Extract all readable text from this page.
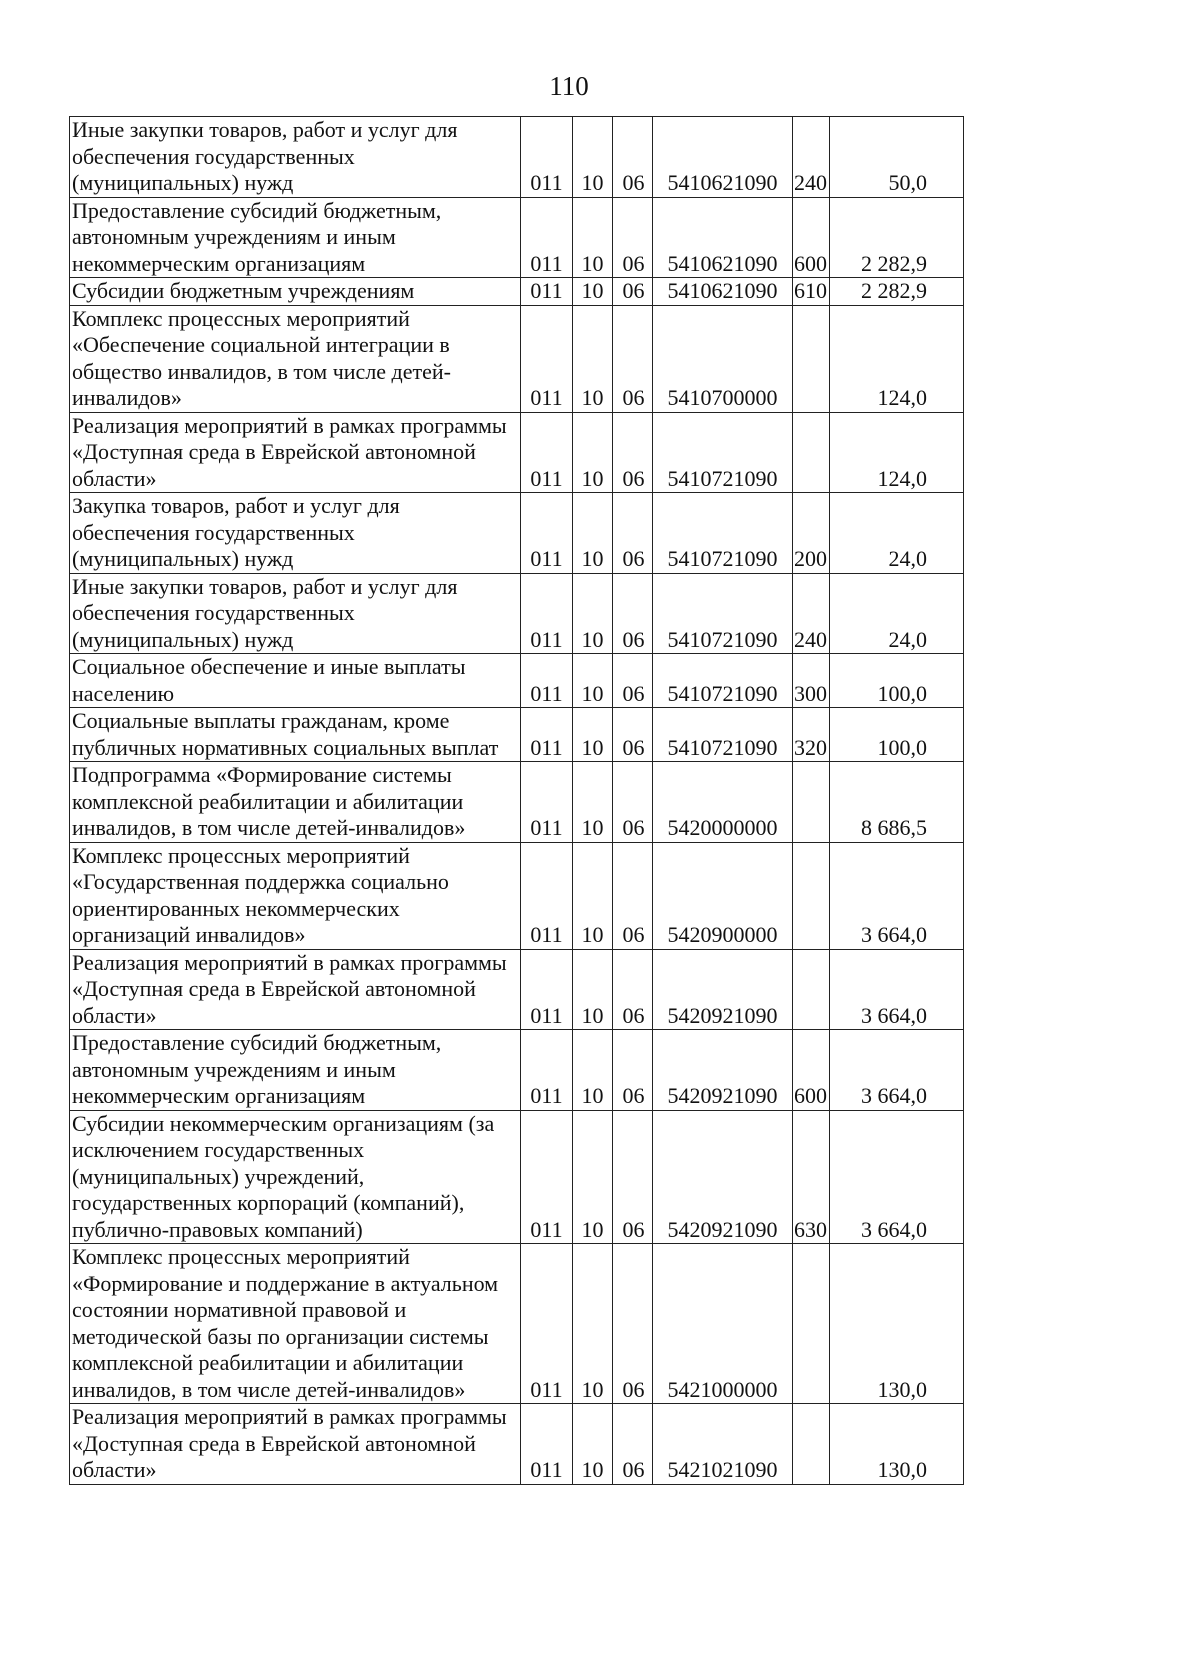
110
Иные закупки товаров, работ и услуг для обеспечения государственных (муниципальных) нужд	011	10	06	5410621090	240	50,0
Предоставление субсидий бюджетным, автономным учреждениям и иным некоммерческим организациям	011	10	06	5410621090	600	2 282,9
Субсидии бюджетным учреждениям	011	10	06	5410621090	610	2 282,9
Комплекс процессных мероприятий «Обеспечение социальной интеграции в общество инвалидов, в том числе детей-инвалидов»	011	10	06	5410700000		124,0
Реализация мероприятий в рамках программы «Доступная среда в Еврейской автономной области»	011	10	06	5410721090		124,0
Закупка товаров, работ и услуг для обеспечения государственных (муниципальных) нужд	011	10	06	5410721090	200	24,0
Иные закупки товаров, работ и услуг для обеспечения государственных (муниципальных) нужд	011	10	06	5410721090	240	24,0
Социальное обеспечение и иные выплаты населению	011	10	06	5410721090	300	100,0
Социальные выплаты гражданам, кроме публичных нормативных социальных выплат	011	10	06	5410721090	320	100,0
Подпрограмма «Формирование системы комплексной реабилитации и абилитации инвалидов, в том числе детей-инвалидов»	011	10	06	5420000000		8 686,5
Комплекс процессных мероприятий «Государственная поддержка социально ориентированных некоммерческих организаций инвалидов»	011	10	06	5420900000		3 664,0
Реализация мероприятий в рамках программы «Доступная среда в Еврейской автономной области»	011	10	06	5420921090		3 664,0
Предоставление субсидий бюджетным, автономным учреждениям и иным некоммерческим организациям	011	10	06	5420921090	600	3 664,0
Субсидии некоммерческим организациям (за исключением государственных (муниципальных) учреждений, государственных корпораций (компаний), публично-правовых компаний)	011	10	06	5420921090	630	3 664,0
Комплекс процессных мероприятий «Формирование и поддержание в актуальном состоянии нормативной правовой и методической базы по организации системы комплексной реабилитации и абилитации инвалидов, в том числе детей-инвалидов»	011	10	06	5421000000		130,0
Реализация мероприятий в рамках программы «Доступная среда в Еврейской автономной области»	011	10	06	5421021090		130,0
